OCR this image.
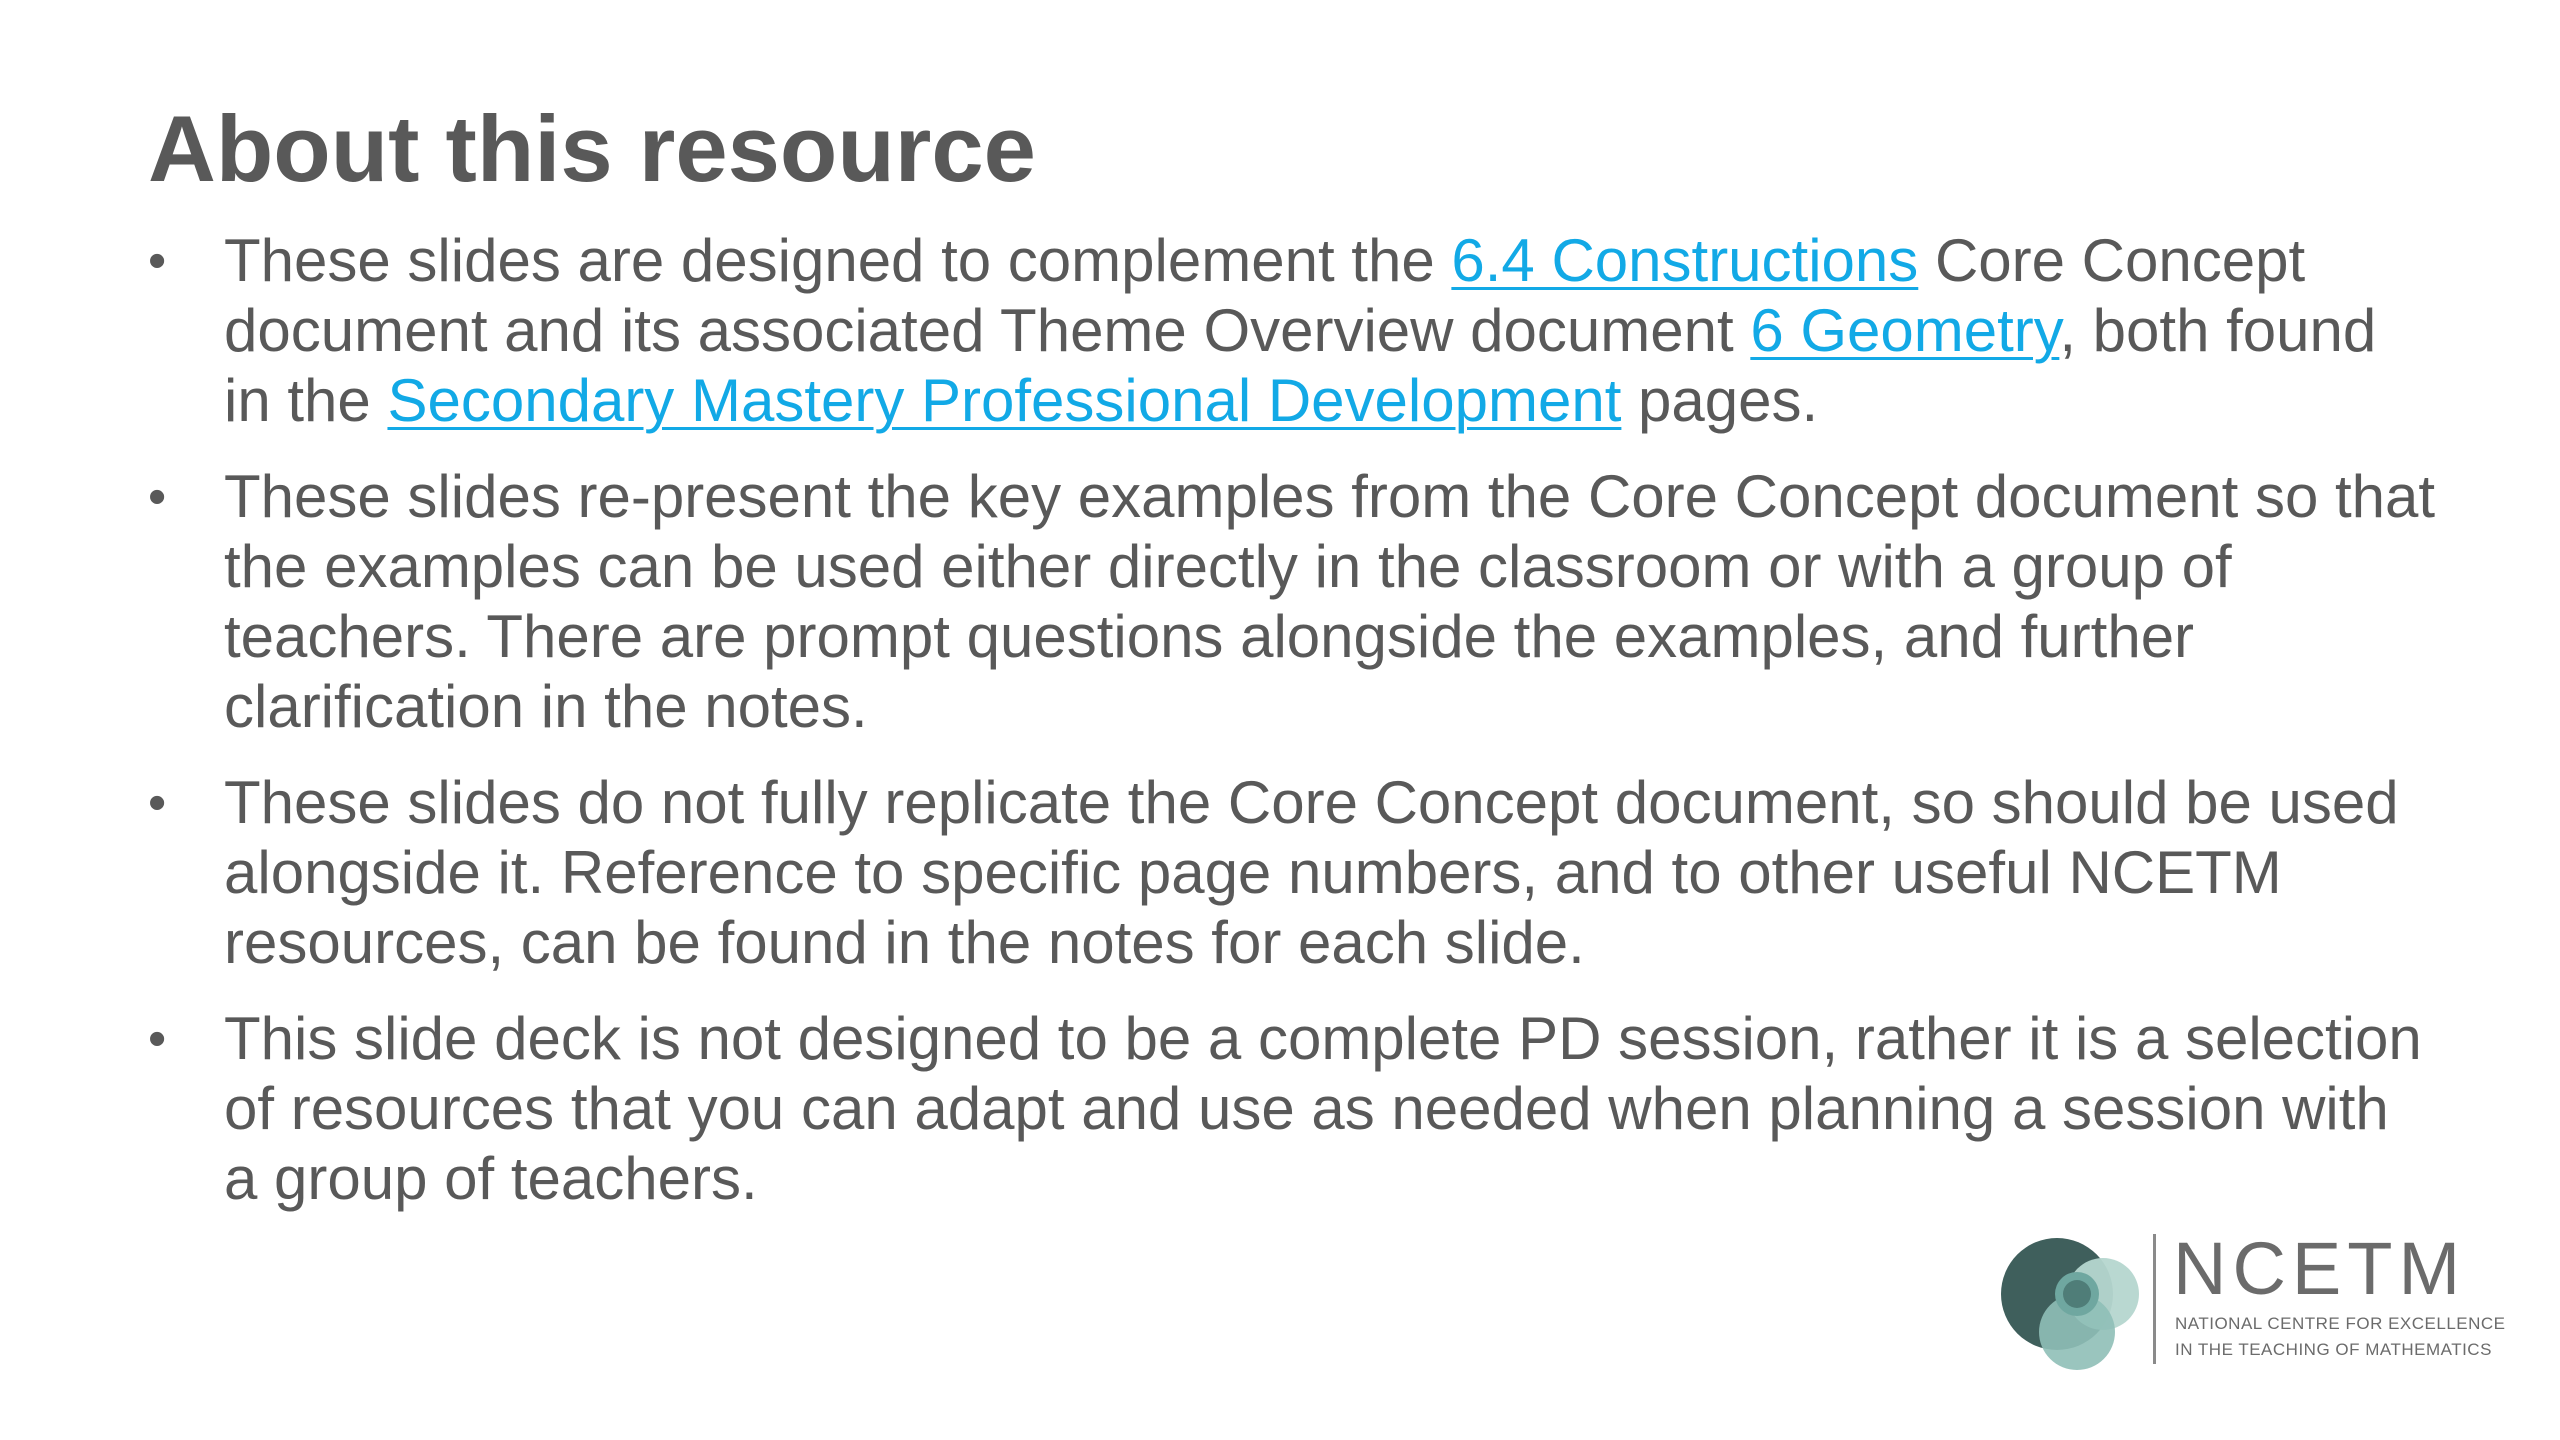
About this resource
• These slides are designed to complement the 6.4 Constructions Core Concept document and its associated Theme Overview document 6 Geometry, both found in the Secondary Mastery Professional Development pages.
• These slides re-present the key examples from the Core Concept document so that the examples can be used either directly in the classroom or with a group of teachers. There are prompt questions alongside the examples, and further clarification in the notes.
• These slides do not fully replicate the Core Concept document, so should be used alongside it. Reference to specific page numbers, and to other useful NCETM resources, can be found in the notes for each slide.
• This slide deck is not designed to be a complete PD session, rather it is a selection of resources that you can adapt and use as needed when planning a session with a group of teachers.
NCETM
NATIONAL CENTRE FOR EXCELLENCE
IN THE TEACHING OF MATHEMATICS
